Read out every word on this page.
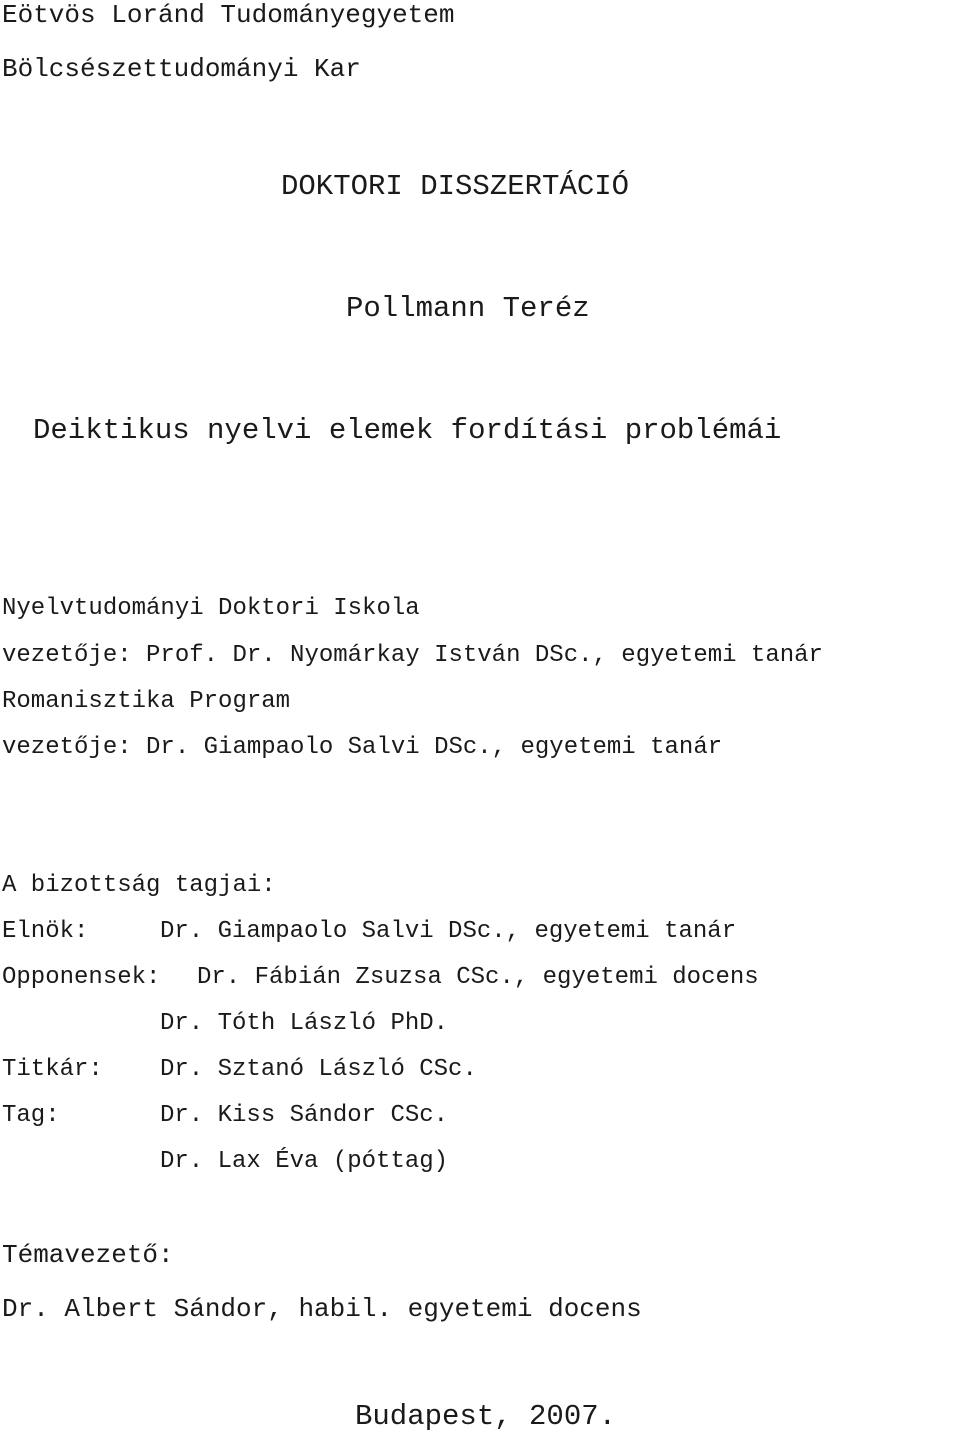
Eötvös Loránd Tudományegyetem

Bölcsészettudományi Kar

DOKTORI DISSZERTÁCIÓ

Pollmann Teréz

Deiktikus nyelvi elemek fordítási problémái

Nyelvtudományi Doktori Iskola

vezetője: Prof. Dr. Nyomárkay István DSc., egyetemi tanár

Romanisztika Program

vezetője: Dr. Giampaolo Salvi DSc., egyetemi tanár

A bizottság tagjai:

Elnök:	Dr. Giampaolo Salvi DSc., egyetemi tanár

Opponensek: Dr. Fábián Zsuzsa CSc., egyetemi docens

Dr. Tóth László PhD.

Titkár: Dr. Sztanó László CSc.

Tag:	Dr. Kiss Sándor CSc.

Dr. Lax Éva (póttag)

Témavezető:

Dr. Albert Sándor, habil. egyetemi docens

Budapest, 2007.
